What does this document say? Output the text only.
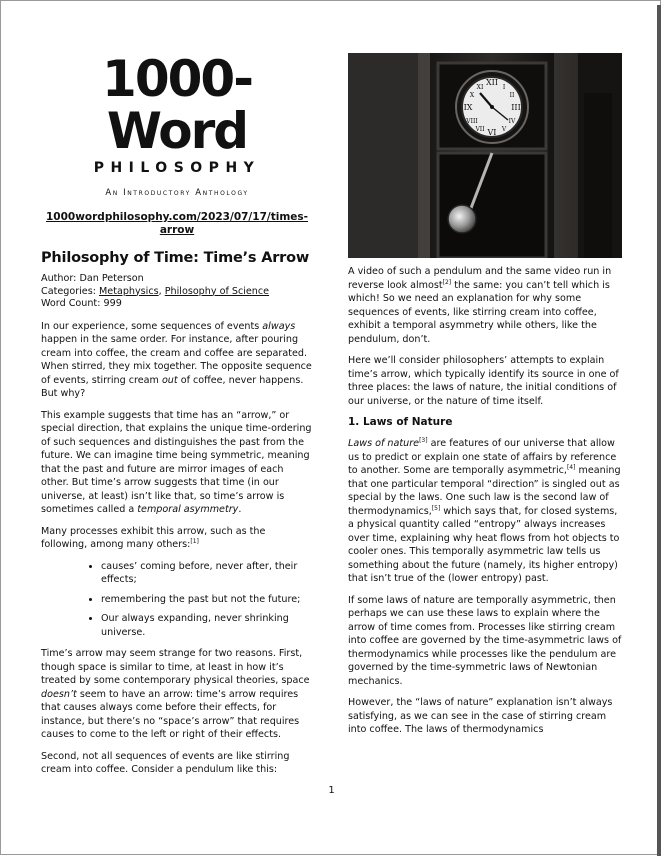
1000-Word
PHILOSOPHY
An Introductory Anthology
1000wordphilosophy.com/2023/07/17/times-arrow
Philosophy of Time: Time’s Arrow
Author: Dan Peterson
Categories: Metaphysics, Philosophy of Science
Word Count: 999

In our experience, some sequences of events always happen in the same order. For instance, after pouring cream into coffee, the cream and coffee are separated. When stirred, they mix together. The opposite sequence of events, stirring cream out of coffee, never happens. But why?

This example suggests that time has an “arrow,” or special direction, that explains the unique time-ordering of such sequences and distinguishes the past from the future. We can imagine time being symmetric, meaning that the past and future are mirror images of each other. But time’s arrow suggests that time (in our universe, at least) isn’t like that, so time’s arrow is sometimes called a temporal asymmetry.

Many processes exhibit this arrow, such as the following, among many others:[1]

• causes’ coming before, never after, their effects;
• remembering the past but not the future;
• Our always expanding, never shrinking universe.

Time’s arrow may seem strange for two reasons. First, though space is similar to time, at least in how it’s treated by some contemporary physical theories, space doesn’t seem to have an arrow: time’s arrow requires that causes always come before their effects, for instance, but there’s no “space’s arrow” that requires causes to come to the left or right of their effects.

Second, not all sequences of events are like stirring cream into coffee. Consider a pendulum like this:

XII
III
VI
IX
I
II
IV
V
VII
VIII
X
XI

A video of such a pendulum and the same video run in reverse look almost[2] the same: you can’t tell which is which! So we need an explanation for why some sequences of events, like stirring cream into coffee, exhibit a temporal asymmetry while others, like the pendulum, don’t.

Here we’ll consider philosophers’ attempts to explain time’s arrow, which typically identify its source in one of three places: the laws of nature, the initial conditions of our universe, or the nature of time itself.

1. Laws of Nature

Laws of nature[3] are features of our universe that allow us to predict or explain one state of affairs by reference to another. Some are temporally asymmetric,[4] meaning that one particular temporal “direction” is singled out as special by the laws. One such law is the second law of thermodynamics,[5] which says that, for closed systems, a physical quantity called “entropy” always increases over time, explaining why heat flows from hot objects to cooler ones. This temporally asymmetric law tells us something about the future (namely, its higher entropy) that isn’t true of the (lower entropy) past.

If some laws of nature are temporally asymmetric, then perhaps we can use these laws to explain where the arrow of time comes from. Processes like stirring cream into coffee are governed by the time-asymmetric laws of thermodynamics while processes like the pendulum are governed by the time-symmetric laws of Newtonian mechanics.

However, the “laws of nature” explanation isn’t always satisfying, as we can see in the case of stirring cream into coffee. The laws of thermodynamics

1
